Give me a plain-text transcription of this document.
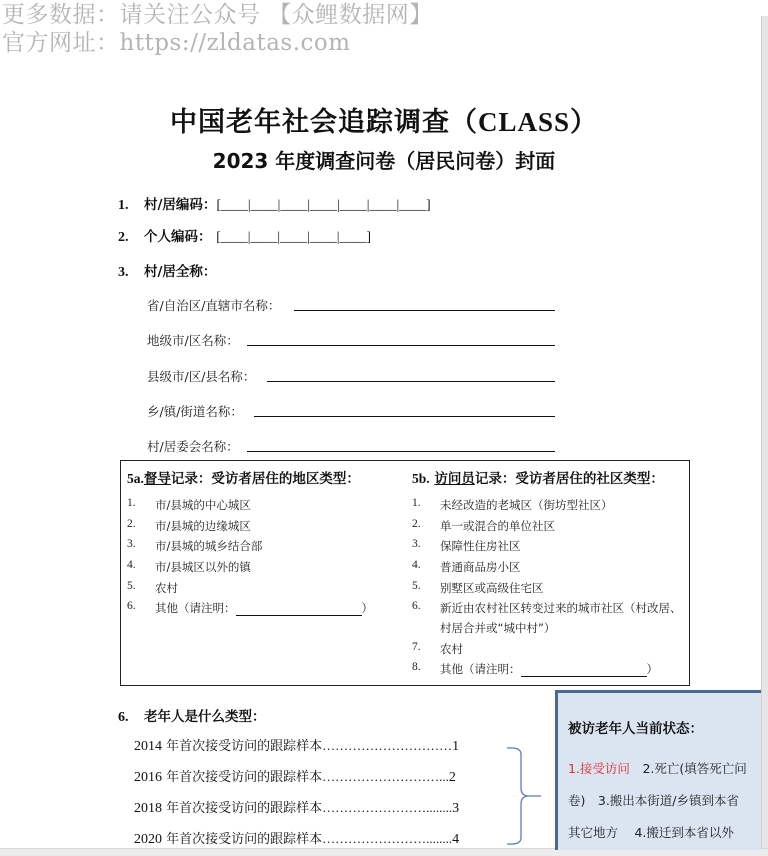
更多数据：请关注公众号 【众鲤数据网】
官方网址：https://zldatas.com
中国老年社会追踪调查（CLASS）
2023 年度调查问卷（居民问卷）封面
1. 村/居编码：[____|____|____|____|____|____|____]
2. 个人编码： [____|____|____|____|____]
3. 村/居全称：
省/自治区/直辖市名称：
地级市/区名称：
县级市/区/县名称：
乡/镇/街道名称：
村/居委会名称：
5a.督导记录：受访者居住的地区类型：	5b. 访问员记录：受访者居住的社区类型：
1. 市/县城的中心城区
2. 市/县城的边缘城区
3. 市/县城的城乡结合部
4. 市/县城区以外的镇
5. 农村
6. 其他（请注明：	）
1. 未经改造的老城区（街坊型社区）
2. 单一或混合的单位社区
3. 保障性住房社区
4. 普通商品房小区
5. 别墅区或高级住宅区
6. 新近由农村社区转变过来的城市社区（村改居、
村居合并或“城中村”）
7. 农村
8. 其他（请注明：	）
6. 老年人是什么类型：
2014 年首次接受访问的跟踪样本…………………………1
2016 年首次接受访问的跟踪样本………………………...2
2018 年首次接受访问的跟踪样本……………………........3
2020 年首次接受访问的跟踪样本……………………........4
被访老年人当前状态：
1.接受访问　2.死亡(填答死亡问
卷)　3.搬出本街道/乡镇到本省
其它地方　 4.搬迁到本省以外
